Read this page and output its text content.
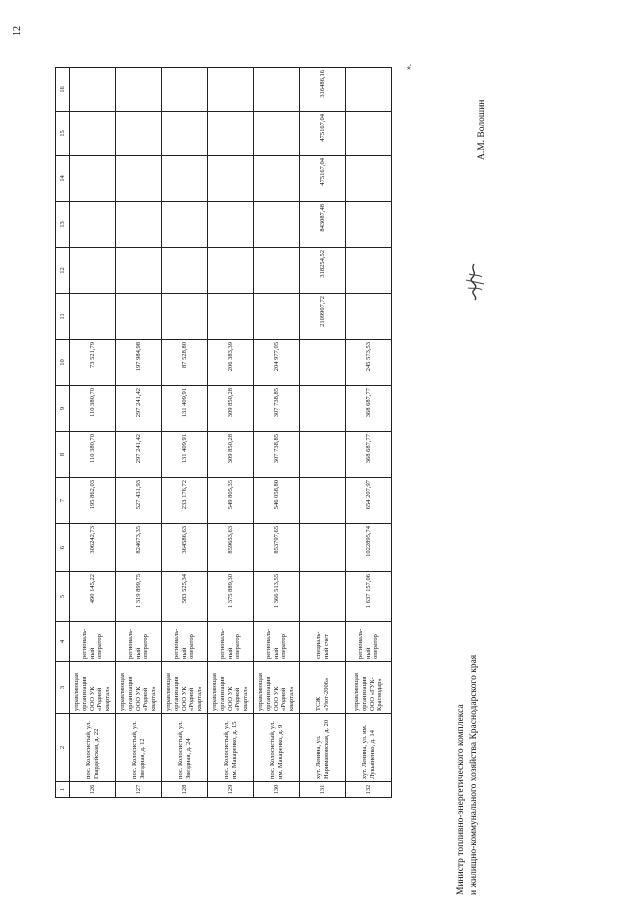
12
1	2	3	4	5	6	7	8	9	10	11	12	13	14	15	16
126	пос. Колосистый, ул. Гвардейская, д. 22	управляющая организация ООО УК «Родной квартал»	региональ-ный оператор	490 145,22	306242,73	195 862,03	110 380,70	110 380,70	73 521,79						
127	пос. Колосистый, ул. Звездная, д. 12	управляющая организация ООО УК «Родной квартал»	региональ-ный оператор	1 319 899,75	824673,35	527 431,93	297 241,42	297 241,42	197 984,98						
128	пос. Колосистый, ул. Звездная, д. 24	управляющая организация ООО УК «Родной квартал»	региональ-ный оператор	583 525,34	364586,63	233 176,72	131 409,91	131 409,91	87 528,80						
129	пос. Колосистый, ул. им. Макаренко, д. 15	управляющая организация ООО УК «Родной квартал»	региональ-ный оператор	1 375 889,30	859653,63	549 805,35	309 850,28	309 850,28	206 383,39						
130	пос. Колосистый, ул. им. Макаренко, д. 9	управляющая организация ООО УК «Родной квартал»	региональ-ный оператор	1 366 513,55	853797,65	546 058,80	307 738,85	307 738,85	204 977,05						
131	хут. Ленина, ул. Наримановская, д. 20	ТСЖ «Уют-2006»	специаль-ный счет							2109907,72	318254,52	843087,48	475167,04	475167,04	316486,16
132	хут. Ленина, ул. им. Лукьяненко, д. 14	управляющая организация ООО «ГУК-Краснодар»	региональ-ный оператор	1 637 157,06	1022895,74	654 207,97	368 687,77	368 687,77	245 573,53						
Министр топливно-энергетического комплекса и жилищно-коммунального хозяйства Краснодарского края
А.М. Волошин
».
